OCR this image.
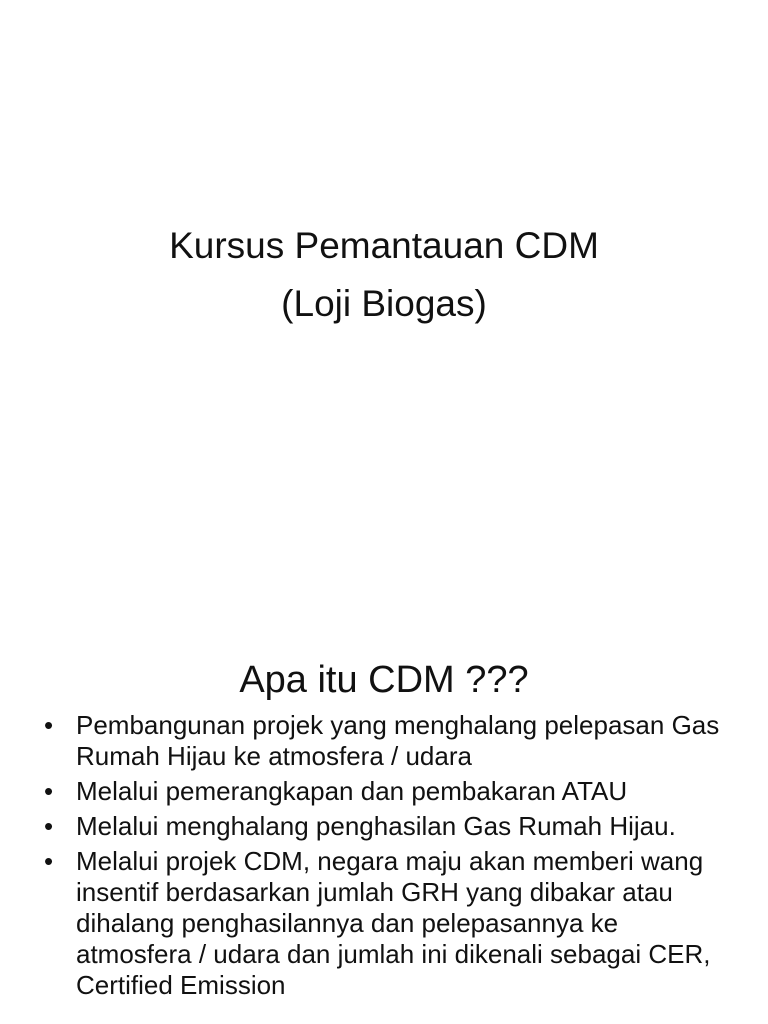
Kursus Pemantauan CDM
(Loji Biogas)
Apa itu CDM ???
• Pembangunan projek yang menghalang pelepasan Gas Rumah Hijau ke atmosfera / udara
• Melalui pemerangkapan dan pembakaran ATAU
• Melalui menghalang penghasilan Gas Rumah Hijau.
• Melalui projek CDM, negara maju akan memberi wang insentif berdasarkan jumlah GRH yang dibakar atau dihalang penghasilannya dan pelepasannya ke atmosfera / udara dan jumlah ini dikenali sebagai CER, Certified Emission
